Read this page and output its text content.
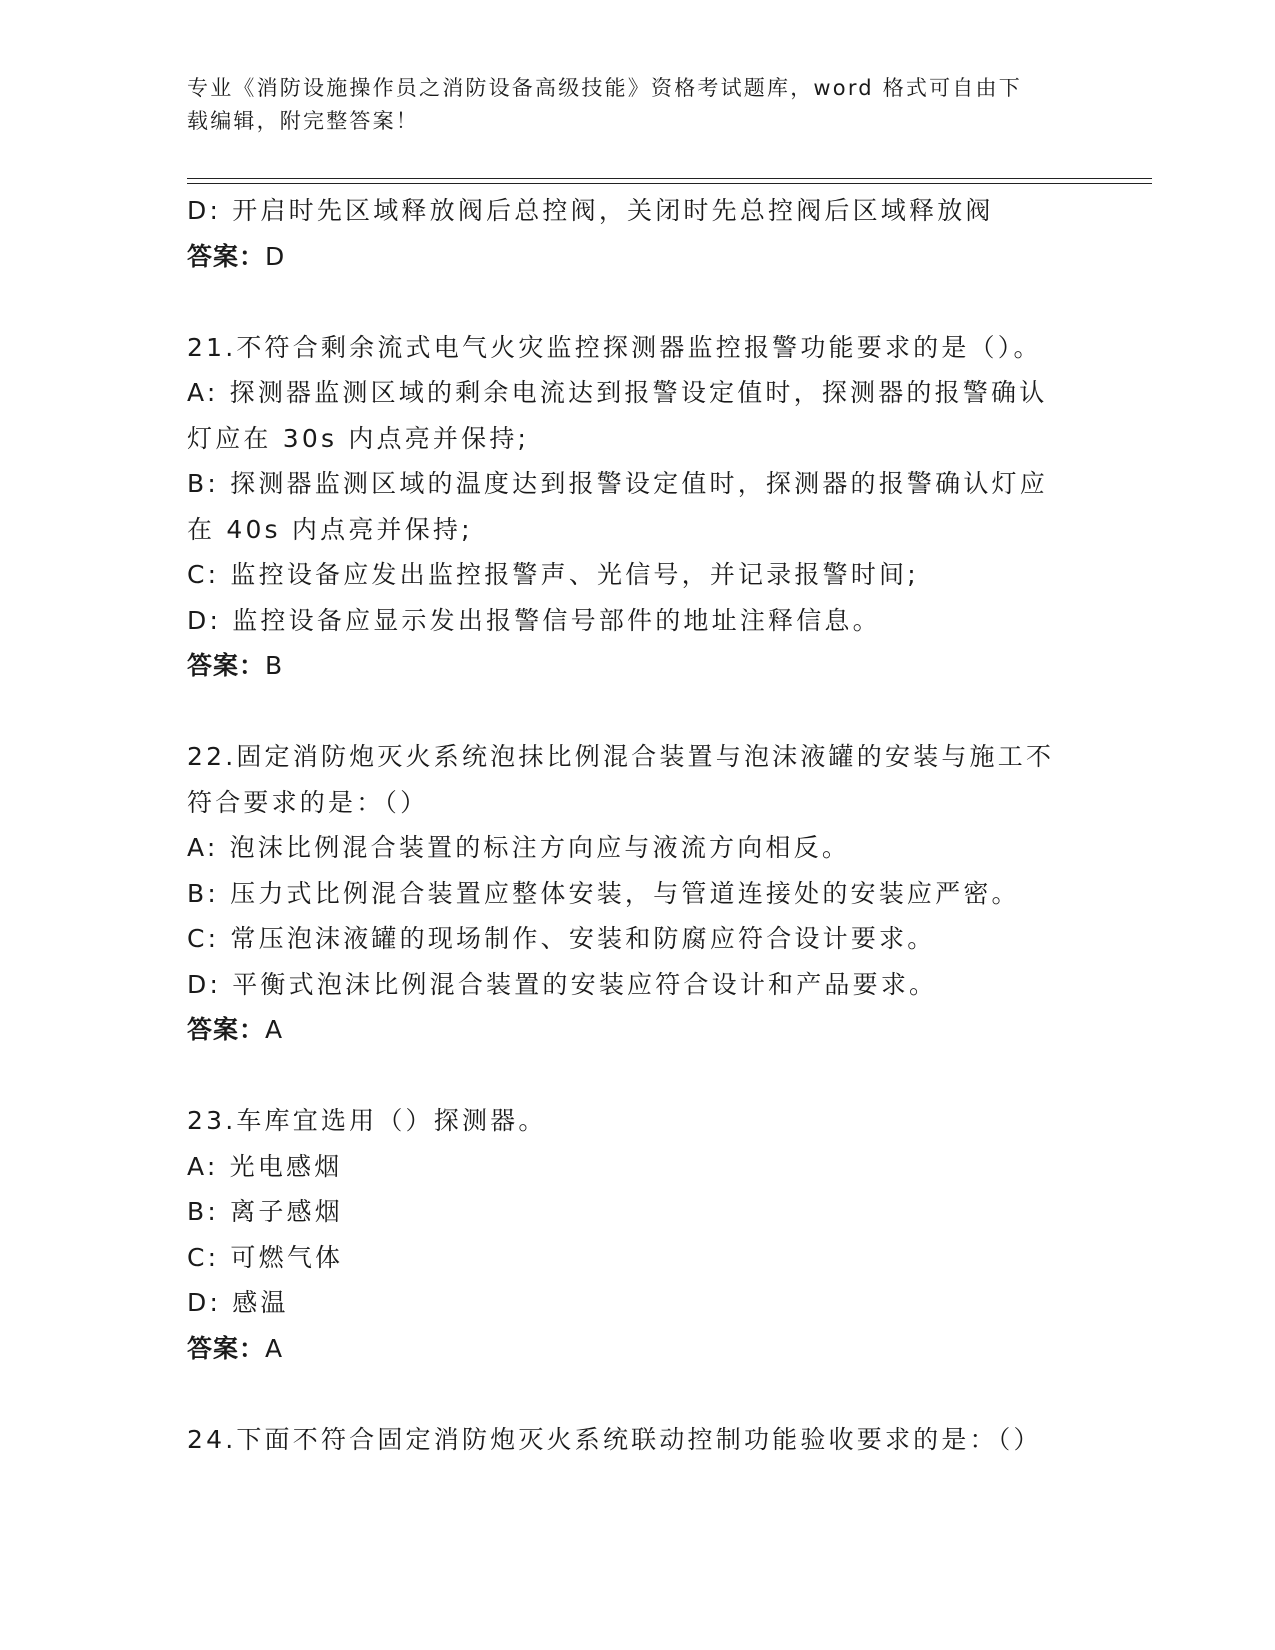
专业《消防设施操作员之消防设备高级技能》资格考试题库，word 格式可自由下
载编辑，附完整答案！
D: 开启时先区域释放阀后总控阀，关闭时先总控阀后区域释放阀
答案：D
21.不符合剩余流式电气火灾监控探测器监控报警功能要求的是（）。
A: 探测器监测区域的剩余电流达到报警设定值时，探测器的报警确认
灯应在 30s 内点亮并保持;
B: 探测器监测区域的温度达到报警设定值时，探测器的报警确认灯应
在 40s 内点亮并保持;
C: 监控设备应发出监控报警声、光信号，并记录报警时间;
D: 监控设备应显示发出报警信号部件的地址注释信息。
答案：B
22.固定消防炮灭火系统泡抹比例混合装置与泡沫液罐的安装与施工不
符合要求的是：（）
A: 泡沫比例混合装置的标注方向应与液流方向相反。
B: 压力式比例混合装置应整体安装，与管道连接处的安装应严密。
C: 常压泡沫液罐的现场制作、安装和防腐应符合设计要求。
D: 平衡式泡沫比例混合装置的安装应符合设计和产品要求。
答案：A
23.车库宜选用（）探测器。
A: 光电感烟
B: 离子感烟
C: 可燃气体
D: 感温
答案：A
24.下面不符合固定消防炮灭火系统联动控制功能验收要求的是：（）
